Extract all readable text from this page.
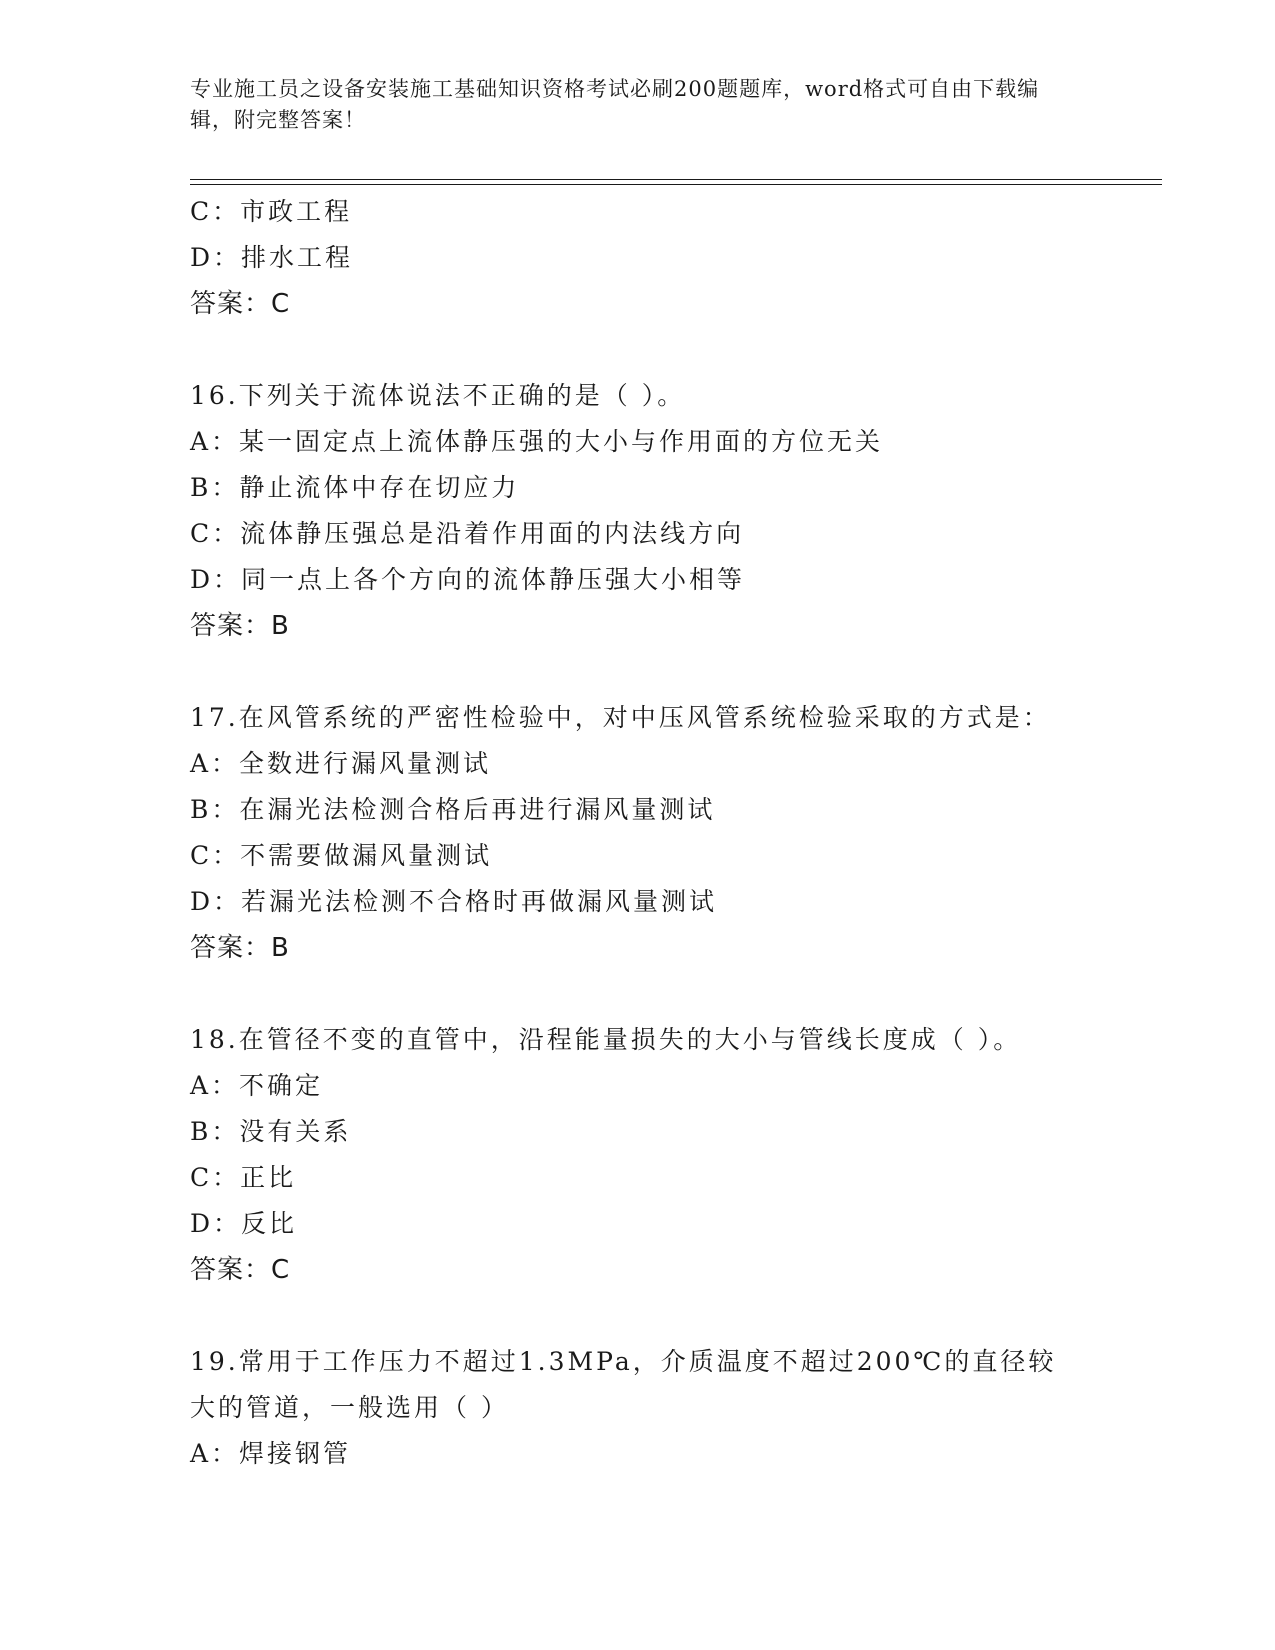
专业施工员之设备安装施工基础知识资格考试必刷200题题库，word格式可自由下载编辑，附完整答案！
C：市政工程
D：排水工程
答案：C
16.下列关于流体说法不正确的是（ ）。
A：某一固定点上流体静压强的大小与作用面的方位无关
B：静止流体中存在切应力
C：流体静压强总是沿着作用面的内法线方向
D：同一点上各个方向的流体静压强大小相等
答案：B
17.在风管系统的严密性检验中，对中压风管系统检验采取的方式是：
A：全数进行漏风量测试
B：在漏光法检测合格后再进行漏风量测试
C：不需要做漏风量测试
D：若漏光法检测不合格时再做漏风量测试
答案：B
18.在管径不变的直管中，沿程能量损失的大小与管线长度成（ ）。
A：不确定
B：没有关系
C：正比
D：反比
答案：C
19.常用于工作压力不超过1.3MPa，介质温度不超过200℃的直径较大的管道，一般选用（ ）
A：焊接钢管
